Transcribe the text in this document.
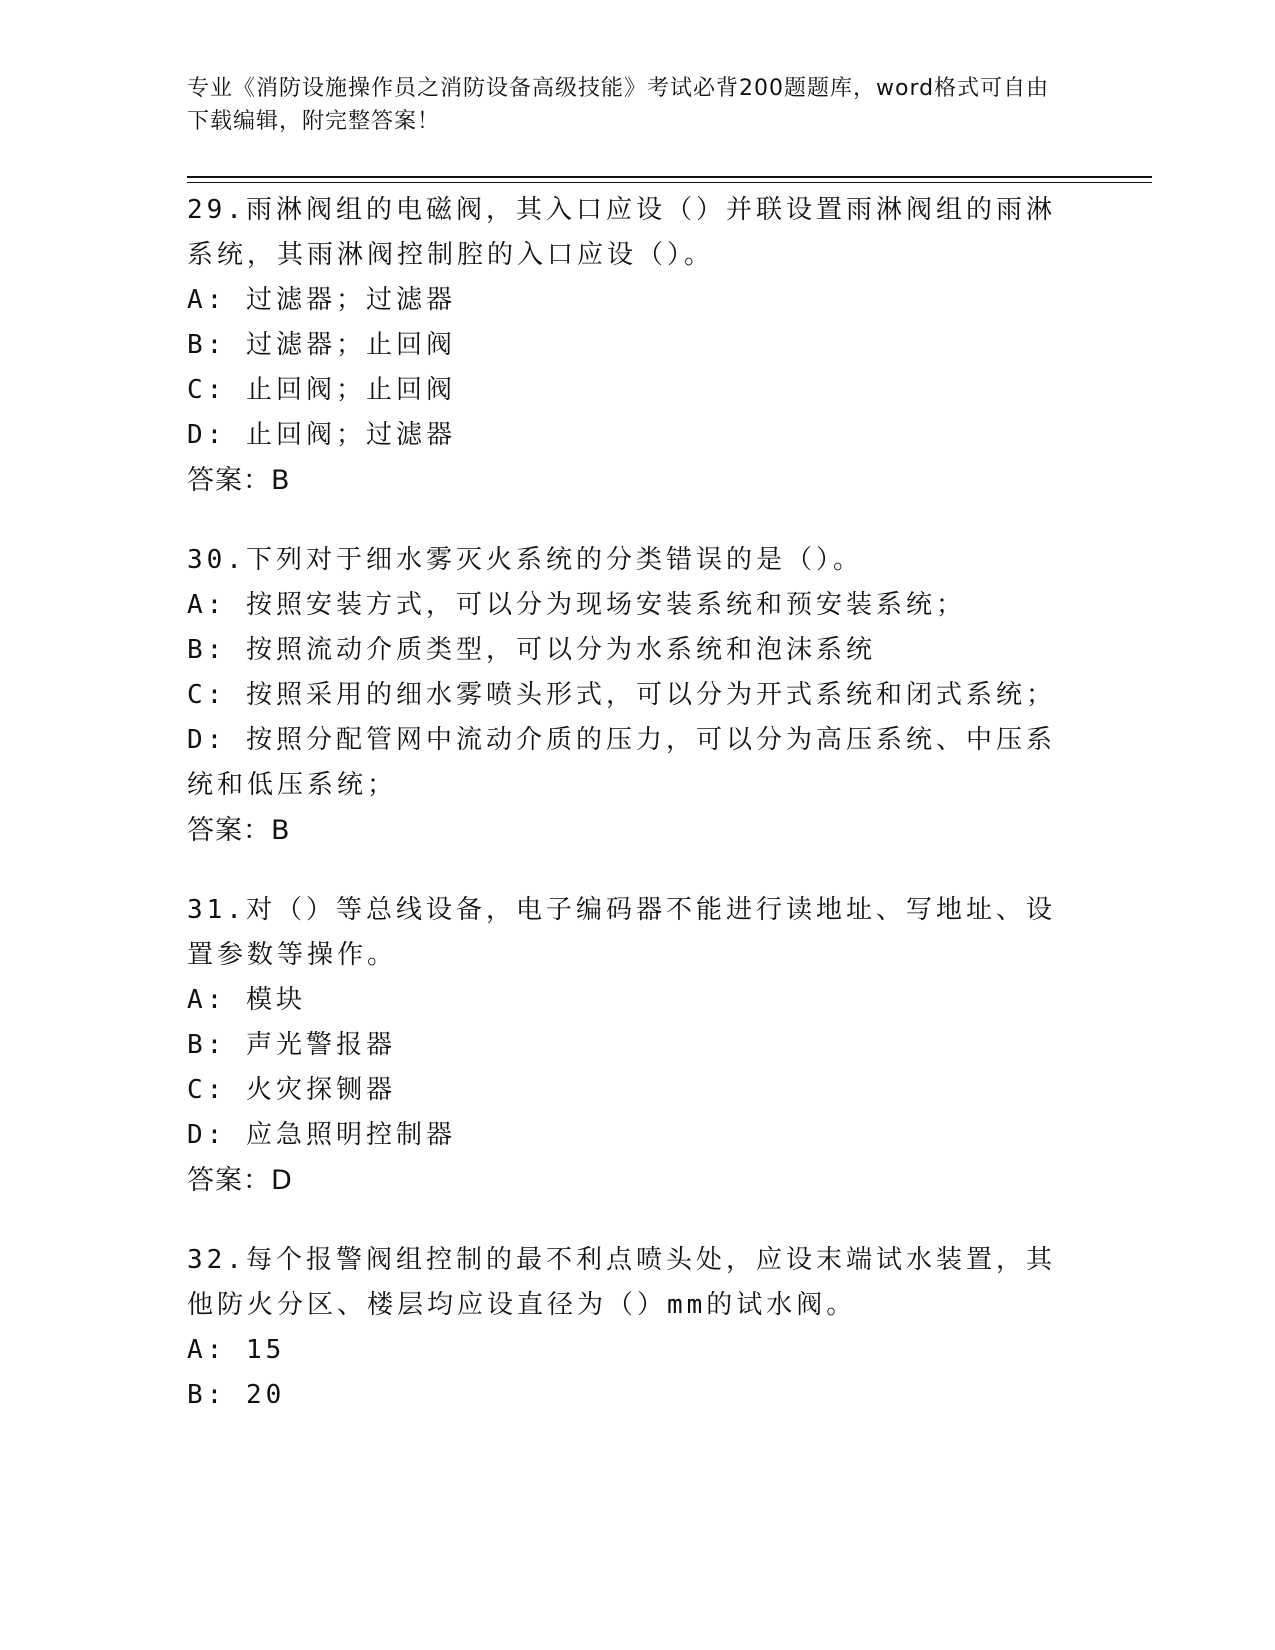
专业《消防设施操作员之消防设备高级技能》考试必背200题题库，word格式可自由下载编辑，附完整答案！
29.雨淋阀组的电磁阀，其入口应设（）并联设置雨淋阀组的雨淋系统，其雨淋阀控制腔的入口应设（）。
A: 过滤器；过滤器
B: 过滤器；止回阀
C: 止回阀；止回阀
D: 止回阀；过滤器
答案：B
30.下列对于细水雾灭火系统的分类错误的是（）。
A: 按照安装方式，可以分为现场安装系统和预安装系统；
B: 按照流动介质类型，可以分为水系统和泡沫系统
C: 按照采用的细水雾喷头形式，可以分为开式系统和闭式系统；
D: 按照分配管网中流动介质的压力，可以分为高压系统、中压系统和低压系统；
答案：B
31.对（）等总线设备，电子编码器不能进行读地址、写地址、设置参数等操作。
A: 模块
B: 声光警报器
C: 火灾探铡器
D: 应急照明控制器
答案：D
32.每个报警阀组控制的最不利点喷头处，应设末端试水装置，其他防火分区、楼层均应设直径为（）mm的试水阀。
A: 15
B: 20
